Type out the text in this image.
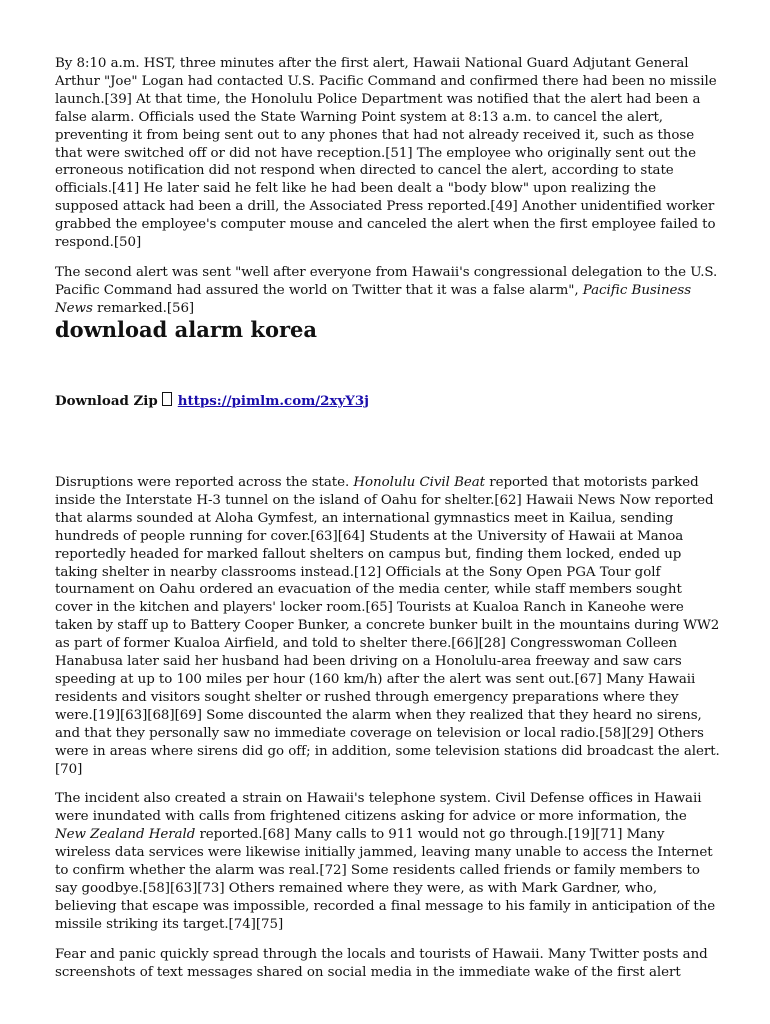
By 8:10 a.m. HST, three minutes after the first alert, Hawaii National Guard Adjutant General Arthur "Joe" Logan had contacted U.S. Pacific Command and confirmed there had been no missile launch.[39] At that time, the Honolulu Police Department was notified that the alert had been a false alarm. Officials used the State Warning Point system at 8:13 a.m. to cancel the alert, preventing it from being sent out to any phones that had not already received it, such as those that were switched off or did not have reception.[51] The employee who originally sent out the erroneous notification did not respond when directed to cancel the alert, according to state officials.[41] He later said he felt like he had been dealt a "body blow" upon realizing the supposed attack had been a drill, the Associated Press reported.[49] Another unidentified worker grabbed the employee's computer mouse and canceled the alert when the first employee failed to respond.[50]

The second alert was sent "well after everyone from Hawaii's congressional delegation to the U.S. Pacific Command had assured the world on Twitter that it was a false alarm", Pacific Business News remarked.[56]

download alarm korea
Download Zip https://pimlm.com/2xyY3j

Disruptions were reported across the state. Honolulu Civil Beat reported that motorists parked inside the Interstate H-3 tunnel on the island of Oahu for shelter.[62] Hawaii News Now reported that alarms sounded at Aloha Gymfest, an international gymnastics meet in Kailua, sending hundreds of people running for cover.[63][64] Students at the University of Hawaii at Manoa reportedly headed for marked fallout shelters on campus but, finding them locked, ended up taking shelter in nearby classrooms instead.[12] Officials at the Sony Open PGA Tour golf tournament on Oahu ordered an evacuation of the media center, while staff members sought cover in the kitchen and players' locker room.[65] Tourists at Kualoa Ranch in Kaneohe were taken by staff up to Battery Cooper Bunker, a concrete bunker built in the mountains during WW2 as part of former Kualoa Airfield, and told to shelter there.[66][28] Congresswoman Colleen Hanabusa later said her husband had been driving on a Honolulu-area freeway and saw cars speeding at up to 100 miles per hour (160 km/h) after the alert was sent out.[67] Many Hawaii residents and visitors sought shelter or rushed through emergency preparations where they were.[19][63][68][69] Some discounted the alarm when they realized that they heard no sirens, and that they personally saw no immediate coverage on television or local radio.[58][29] Others were in areas where sirens did go off; in addition, some television stations did broadcast the alert.[70]

The incident also created a strain on Hawaii's telephone system. Civil Defense offices in Hawaii were inundated with calls from frightened citizens asking for advice or more information, the New Zealand Herald reported.[68] Many calls to 911 would not go through.[19][71] Many wireless data services were likewise initially jammed, leaving many unable to access the Internet to confirm whether the alarm was real.[72] Some residents called friends or family members to say goodbye.[58][63][73] Others remained where they were, as with Mark Gardner, who, believing that escape was impossible, recorded a final message to his family in anticipation of the missile striking its target.[74][75]

Fear and panic quickly spread through the locals and tourists of Hawaii. Many Twitter posts and screenshots of text messages shared on social media in the immediate wake of the first alert
